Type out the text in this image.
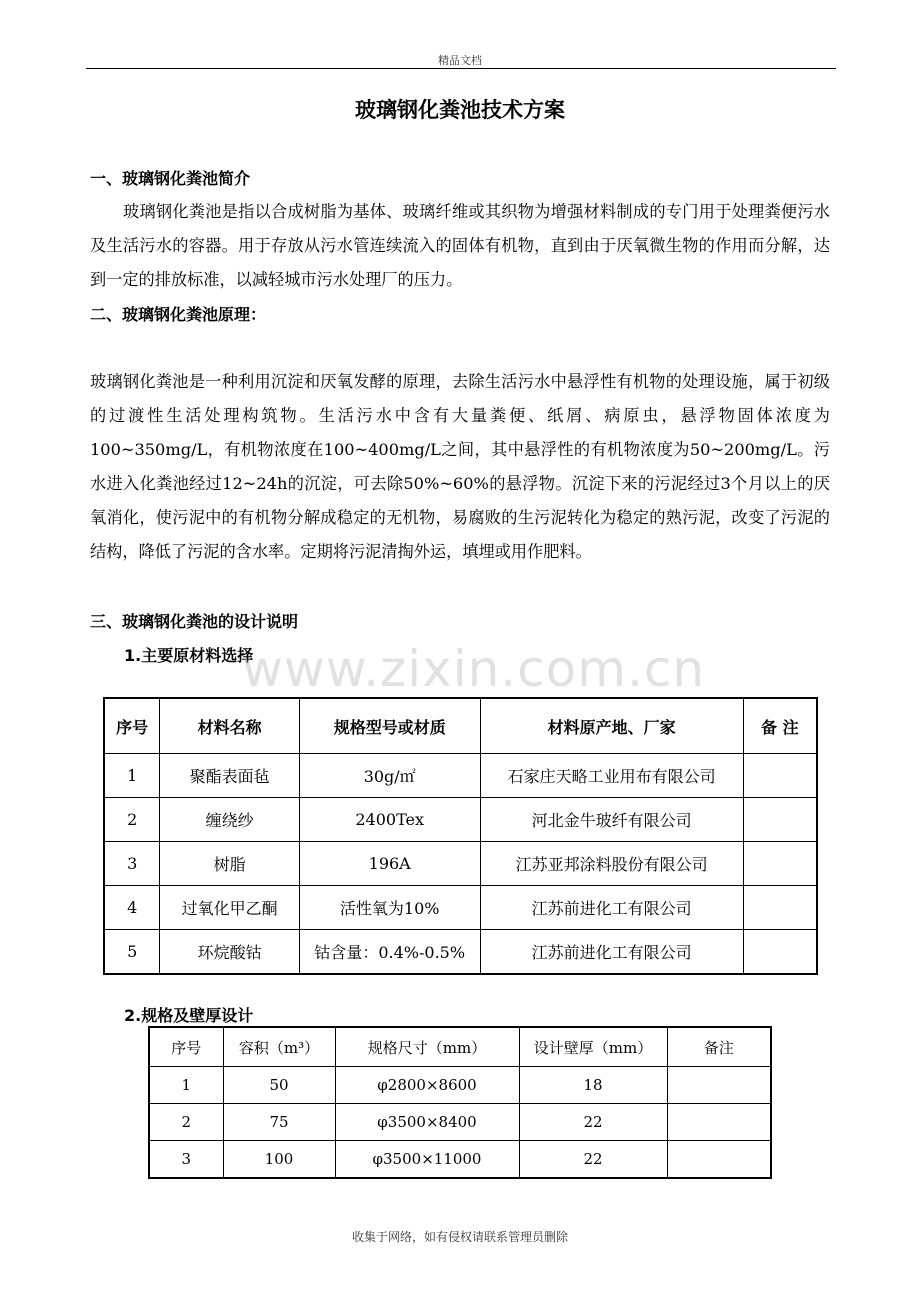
精品文档
玻璃钢化粪池技术方案
一、玻璃钢化粪池简介

玻璃钢化粪池是指以合成树脂为基体、玻璃纤维或其织物为增强材料制成的专门用于处理粪便污水及生活污水的容器。用于存放从污水管连续流入的固体有机物，直到由于厌氧微生物的作用而分解，达到一定的排放标准，以减轻城市污水处理厂的压力。

二、玻璃钢化粪池原理：

玻璃钢化粪池是一种利用沉淀和厌氧发酵的原理，去除生活污水中悬浮性有机物的处理设施，属于初级的过渡性生活处理构筑物。生活污水中含有大量粪便、纸屑、病原虫，悬浮物固体浓度为100~350mg/L，有机物浓度在100~400mg/L之间，其中悬浮性的有机物浓度为50~200mg/L。污水进入化粪池经过12~24h的沉淀，可去除50%~60%的悬浮物。沉淀下来的污泥经过3个月以上的厌氧消化，使污泥中的有机物分解成稳定的无机物，易腐败的生污泥转化为稳定的熟污泥，改变了污泥的结构，降低了污泥的含水率。定期将污泥清掏外运，填埋或用作肥料。

三、玻璃钢化粪池的设计说明
1.主要原材料选择
www.zixin.com.cn
序号	材料名称	规格型号或材质	材料原产地、厂家	备 注
1	聚酯表面毡	30g/㎡	石家庄天略工业用布有限公司	
2	缠绕纱	2400Tex	河北金牛玻纤有限公司	
3	树脂	196A	江苏亚邦涂料股份有限公司	
4	过氧化甲乙酮	活性氧为10%	江苏前进化工有限公司	
5	环烷酸钴	钴含量：0.4%-0.5%	江苏前进化工有限公司	
2.规格及壁厚设计
序号	容积（m³）	规格尺寸（mm）	设计壁厚（mm）	备注
1	50	φ2800×8600	18	
2	75	φ3500×8400	22	
3	100	φ3500×11000	22	
收集于网络，如有侵权请联系管理员删除
